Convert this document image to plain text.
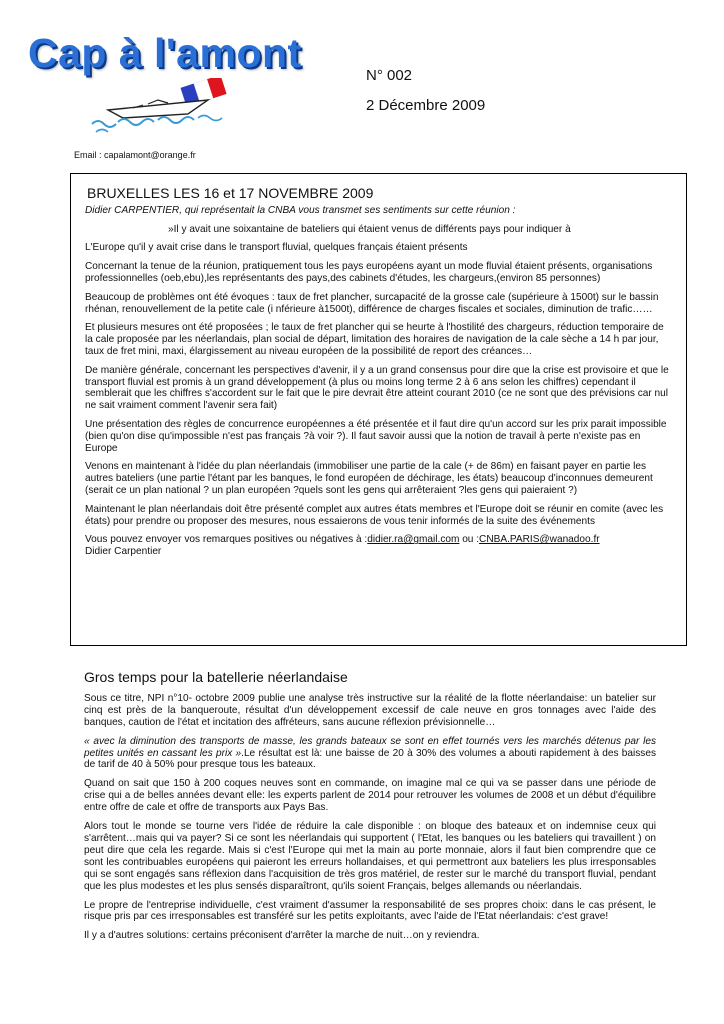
Cap à l'amont	N° 002
2 Décembre 2009
Email : capalamont@orange.fr
BRUXELLES LES 16 et 17 NOVEMBRE 2009

Didier CARPENTIER, qui représentait la CNBA vous transmet ses sentiments sur cette réunion :

»Il y avait une soixantaine de bateliers qui étaient venus de différents pays pour indiquer à

L'Europe qu'il y avait crise dans le transport fluvial, quelques français étaient présents

Concernant la tenue de la réunion, pratiquement tous les pays européens ayant un mode fluvial étaient présents, organisations professionnelles (oeb,ebu),les représentants des pays,des cabinets d'études, les chargeurs,(environ 85 personnes)

Beaucoup de problèmes ont été évoques : taux de fret plancher, surcapacité de la grosse cale (supérieure à 1500t) sur le bassin rhénan, renouvellement de la petite cale (i nférieure à1500t), différence de charges fiscales et sociales, diminution de trafic……

Et plusieurs mesures ont été proposées ; le taux de fret plancher qui se heurte à l'hostilité des chargeurs, réduction temporaire de la cale proposée par les néerlandais, plan social de départ, limitation des horaires de navigation de la cale sèche a 14 h par jour, taux de fret mini, maxi, élargissement au niveau européen de la possibilité de report des créances…

De manière générale, concernant les perspectives d'avenir, il y a un grand consensus pour dire que la crise est provisoire et que le transport fluvial est promis à un grand développement (à plus ou moins long terme 2 à 6 ans selon les chiffres) cependant il semblerait que les chiffres s'accordent sur le fait que le pire devrait être atteint courant 2010 (ce ne sont que des prévisions car nul ne sait vraiment comment l'avenir sera fait)

Une présentation des règles de concurrence européennes a été présentée et il faut dire qu'un accord sur les prix parait impossible (bien qu'on dise qu'impossible n'est pas français ?à voir ?). Il faut savoir aussi que la notion de travail à perte n'existe pas en Europe

Venons en maintenant à l'idée du plan néerlandais (immobiliser une partie de la cale (+ de 86m) en faisant payer en partie les autres bateliers (une partie l'étant par les banques, le fond européen de déchirage, les états) beaucoup d'inconnues demeurent (serait ce un plan national ? un plan européen ?quels sont les gens qui arrêteraient ?les gens qui paieraient ?)

Maintenant le plan néerlandais doit être présenté complet aux autres états membres et l'Europe doit se réunir en comite (avec les états) pour prendre ou proposer des mesures, nous essaierons de vous tenir informés de la suite des événements

Vous pouvez envoyer vos remarques positives ou négatives à :didier.ra@gmail.com ou :CNBA.PARIS@wanadoo.fr
Didier Carpentier

Gros temps pour la batellerie néerlandaise

Sous ce titre, NPI n°10- octobre 2009 publie une analyse très instructive sur la réalité de la flotte néerlandaise: un batelier sur cinq est près de la banqueroute, résultat d'un développement excessif de cale neuve en gros tonnages avec l'aide des banques, caution de l'état et incitation des affréteurs, sans aucune réflexion prévisionnelle…

« avec la diminution des transports de masse, les grands bateaux se sont en effet tournés vers les marchés détenus par les petites unités en cassant les prix ».Le résultat est là: une baisse de 20 à 30% des volumes a abouti rapidement à des baisses de tarif de 40 à 50% pour presque tous les bateaux.

Quand on sait que 150 à 200 coques neuves sont en commande, on imagine mal ce qui va se passer dans une période de crise qui a de belles années devant elle: les experts parlent de 2014 pour retrouver les volumes de 2008 et un début d'équilibre entre offre de cale et offre de transports aux Pays Bas.

Alors tout le monde se tourne vers l'idée de réduire la cale disponible : on bloque des bateaux et on indemnise ceux qui s'arrêtent…mais qui va payer? Si ce sont les néerlandais qui supportent ( l'Etat, les banques ou les bateliers qui travaillent ) on peut dire que cela les regarde. Mais si c'est l'Europe qui met la main au porte monnaie, alors il faut bien comprendre que ce sont les contribuables européens qui paieront les erreurs hollandaises, et qui permettront aux bateliers les plus irresponsables qui se sont engagés sans réflexion dans l'acquisition de très gros matériel, de rester sur le marché du transport fluvial, pendant que les plus modestes et les plus sensés disparaîtront, qu'ils soient Français, belges allemands ou néerlandais.

Le propre de l'entreprise individuelle, c'est vraiment d'assumer la responsabilité de ses propres choix: dans le cas présent, le risque pris par ces irresponsables est transféré sur les petits exploitants, avec l'aide de l'Etat néerlandais: c'est grave!

Il y a d'autres solutions: certains préconisent d'arrêter la marche de nuit…on y reviendra.
